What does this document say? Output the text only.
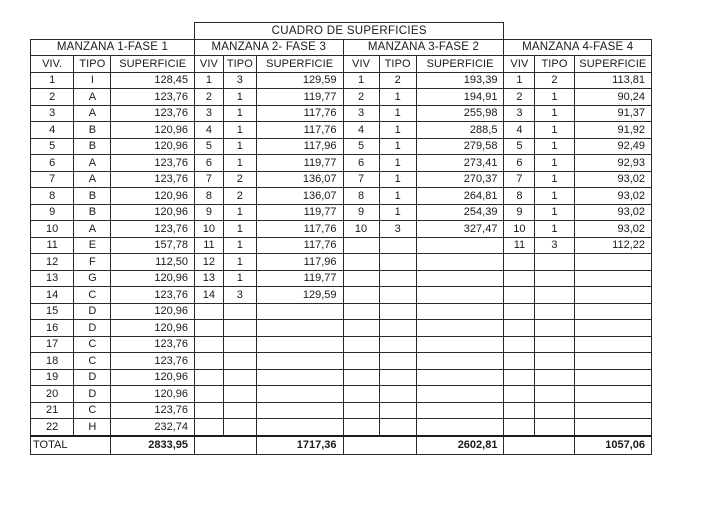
			CUADRO DE SUPERFICIES								
MANZANA 1-FASE 1			MANZANA 2- FASE 3			MANZANA 3-FASE 2			MANZANA 4-FASE 4		
VIV.	TIPO	SUPERFICIE	VIV	TIPO	SUPERFICIE	VIV	TIPO	SUPERFICIE	VIV	TIPO	SUPERFICIE
1	I	128,45	1	3	129,59	1	2	193,39	1	2	113,81
2	A	123,76	2	1	119,77	2	1	194,91	2	1	90,24
3	A	123,76	3	1	117,76	3	1	255,98	3	1	91,37
4	B	120,96	4	1	117,76	4	1	288,5	4	1	91,92
5	B	120,96	5	1	117,96	5	1	279,58	5	1	92,49
6	A	123,76	6	1	119,77	6	1	273,41	6	1	92,93
7	A	123,76	7	2	136,07	7	1	270,37	7	1	93,02
8	B	120,96	8	2	136,07	8	1	264,81	8	1	93,02
9	B	120,96	9	1	119,77	9	1	254,39	9	1	93,02
10	A	123,76	10	1	117,76	10	3	327,47	10	1	93,02
11	E	157,78	11	1	117,76				11	3	112,22
12	F	112,50	12	1	117,96						
13	G	120,96	13	1	119,77						
14	C	123,76	14	3	129,59						
15	D	120,96									
16	D	120,96									
17	C	123,76									
18	C	123,76									
19	D	120,96									
20	D	120,96									
21	C	123,76									
22	H	232,74									
TOTAL		2833,95			1717,36			2602,81			1057,06
